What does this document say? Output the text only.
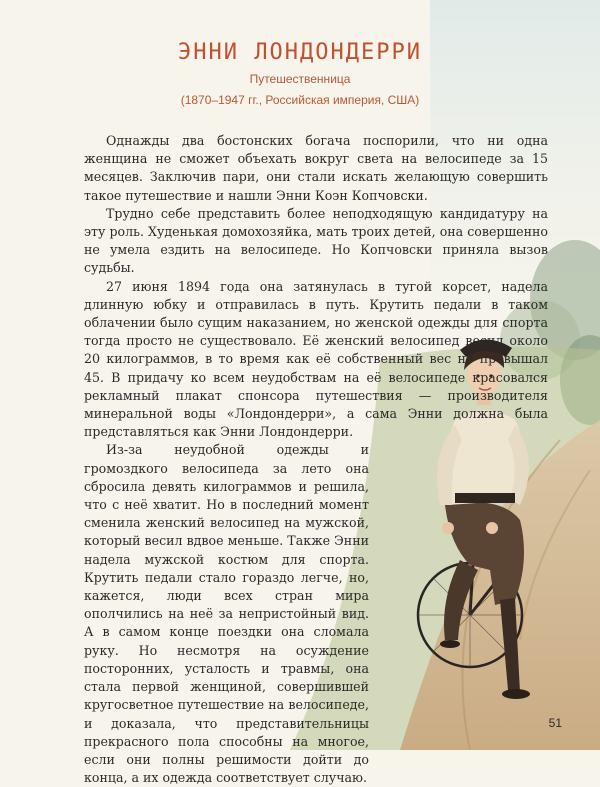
ЭННИ ЛОНДОНДЕРРИ
Путешественница
(1870–1947 гг., Российская империя, США)

Однажды два бостонских богача поспорили, что ни одна женщина не сможет объехать вокруг света на велосипеде за 15 месяцев. Заключив пари, они стали искать желающую совершить такое путешествие и нашли Энни Коэн Копчовски.

Трудно себе представить более неподходящую кандидатуру на эту роль. Худенькая домохозяйка, мать троих детей, она совершенно не умела ездить на велосипеде. Но Копчовски приняла вызов судьбы.

27 июня 1894 года она затянулась в тугой корсет, надела длинную юбку и отправилась в путь. Крутить педали в таком облачении было сущим наказанием, но женской одежды для спорта тогда просто не существовало. Её женский велосипед весил около 20 килограммов, в то время как её собственный вес не превышал 45. В придачу ко всем неудобствам на её велосипеде красовался рекламный плакат спонсора путешествия — производителя минеральной воды «Лондондерри», а сама Энни должна была представляться как Энни Лондондерри.

Из-за неудобной одежды и громоздкого велосипеда за лето она сбросила девять килограммов и решила, что с неё хватит. Но в последний момент сменила женский велосипед на мужской, который весил вдвое меньше. Также Энни надела мужской костюм для спорта. Крутить педали стало гораздо легче, но, кажется, люди всех стран мира ополчились на неё за непристойный вид. А в самом конце поездки она сломала руку. Но несмотря на осуждение посторонних, усталость и травмы, она стала первой женщиной, совершившей кругосветное путешествие на велосипеде, и доказала, что представительницы прекрасного пола способны на многое, если они полны решимости дойти до конца, а их одежда соответствует случаю.

51
